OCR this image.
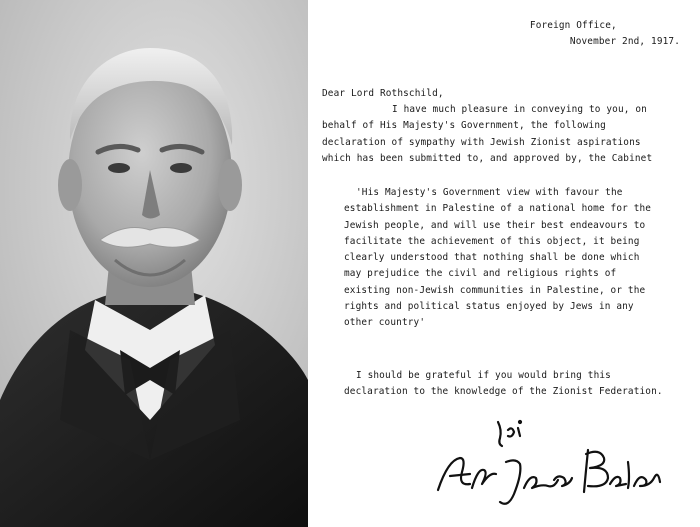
Foreign Office,
November 2nd, 1917.
Dear Lord Rothschild,

I have much pleasure in conveying to you, on
behalf of His Majesty's Government, the following
declaration of sympathy with Jewish Zionist aspirations
which has been submitted to, and approved by, the Cabinet

'His Majesty's Government view with favour the
establishment in Palestine of a national home for the
Jewish people, and will use their best endeavours to
facilitate the achievement of this object, it being
clearly understood that nothing shall be done which
may prejudice the civil and religious rights of
existing non-Jewish communities in Palestine, or the
rights and political status enjoyed by Jews in any
other country'

I should be grateful if you would bring this
declaration to the knowledge of the Zionist Federation.
